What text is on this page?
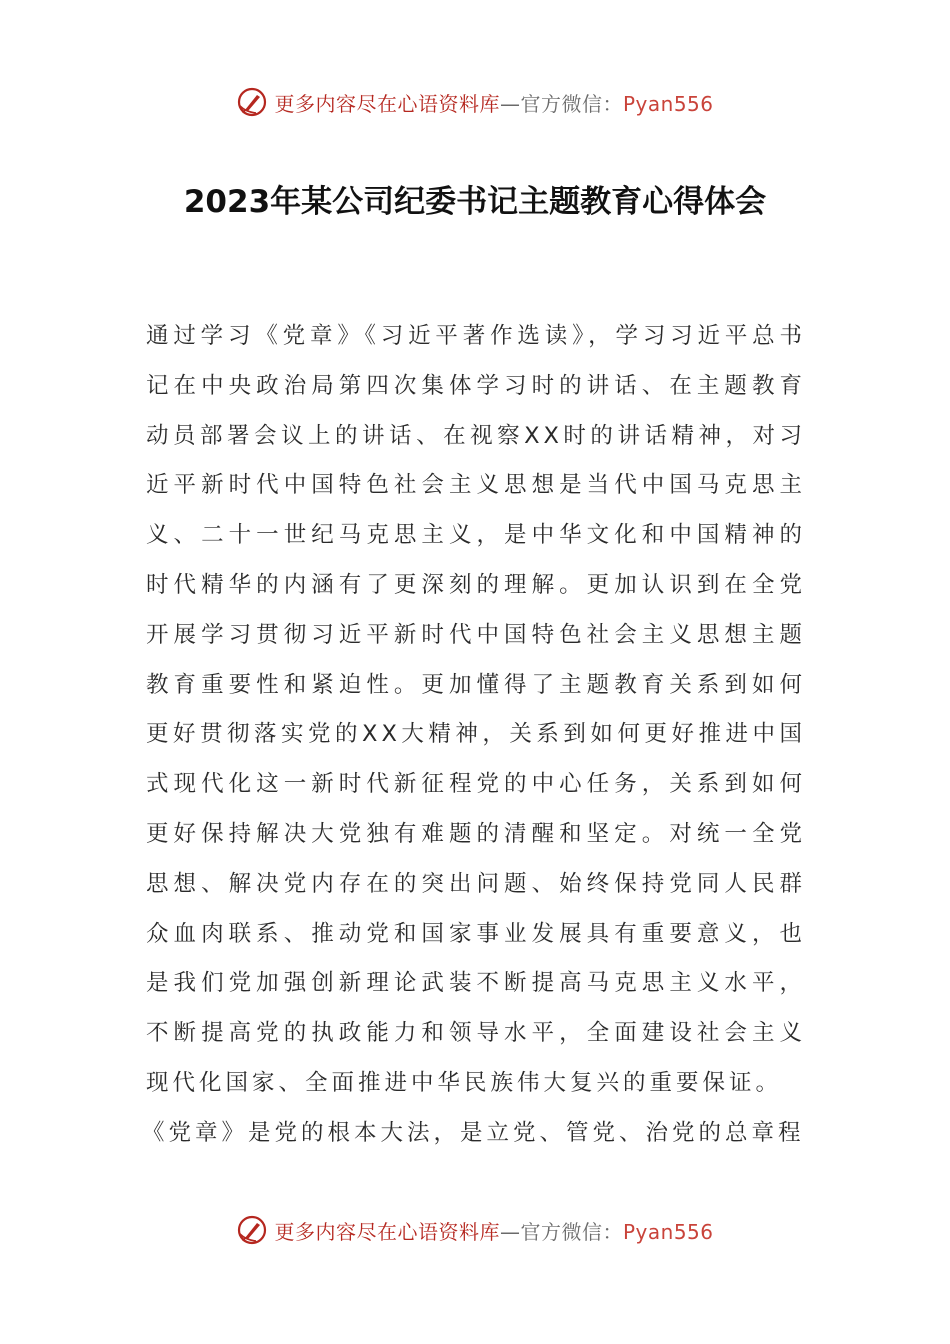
更多内容尽在心语资料库—官方微信：Pyan556
2023年某公司纪委书记主题教育心得体会

通过学习《党章》《习近平著作选读》，学习习近平总书记在中央政治局第四次集体学习时的讲话、在主题教育动员部署会议上的讲话、在视察XX时的讲话精神，对习近平新时代中国特色社会主义思想是当代中国马克思主义、二十一世纪马克思主义，是中华文化和中国精神的时代精华的内涵有了更深刻的理解。更加认识到在全党开展学习贯彻习近平新时代中国特色社会主义思想主题教育重要性和紧迫性。更加懂得了主题教育关系到如何更好贯彻落实党的XX大精神，关系到如何更好推进中国式现代化这一新时代新征程党的中心任务，关系到如何更好保持解决大党独有难题的清醒和坚定。对统一全党思想、解决党内存在的突出问题、始终保持党同人民群众血肉联系、推动党和国家事业发展具有重要意义，也是我们党加强创新理论武装不断提高马克思主义水平，不断提高党的执政能力和领导水平，全面建设社会主义现代化国家、全面推进中华民族伟大复兴的重要保证。

《党章》是党的根本大法，是立党、管党、治党的总章程

更多内容尽在心语资料库—官方微信：Pyan556
